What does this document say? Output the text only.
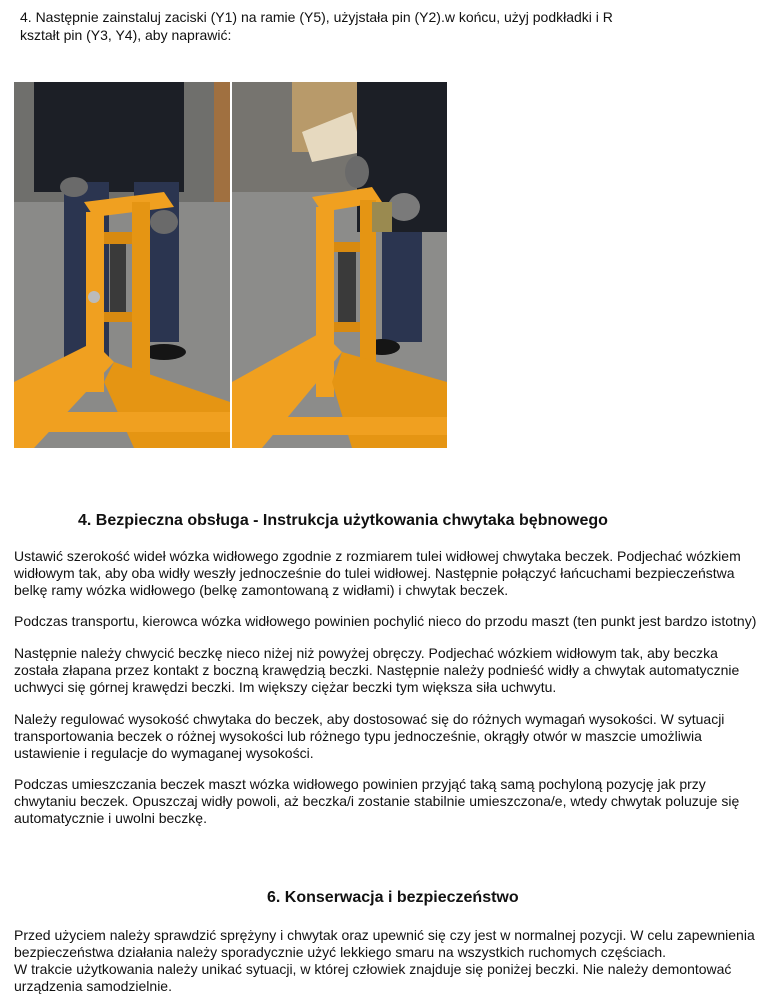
4. Następnie zainstaluj zaciski (Y1) na ramie (Y5), użyjstała pin (Y2).w końcu, użyj podkładki i R

kształt pin (Y3, Y4), aby naprawić:

4. Bezpieczna obsługa - Instrukcja użytkowania chwytaka bębnowego

Ustawić szerokość wideł wózka widłowego zgodnie z rozmiarem tulei widłowej chwytaka beczek. Podjechać wózkiem widłowym tak, aby oba widły weszły jednocześnie do tulei widłowej. Następnie połączyć łańcuchami bezpieczeństwa belkę ramy wózka widłowego (belkę zamontowaną z widłami) i chwytak beczek.

Podczas transportu, kierowca wózka widłowego powinien pochylić nieco do przodu maszt (ten punkt jest bardzo istotny)

Następnie należy chwycić beczkę nieco niżej niż powyżej obręczy. Podjechać wózkiem widłowym tak, aby beczka została złapana przez kontakt z boczną krawędzią beczki. Następnie należy podnieść widły a chwytak automatycznie uchwyci się górnej krawędzi beczki. Im większy ciężar beczki tym większa siła uchwytu.

Należy regulować wysokość chwytaka do beczek, aby dostosować się do różnych wymagań wysokości. W sytuacji transportowania beczek o różnej wysokości lub różnego typu jednocześnie, okrągły otwór w maszcie umożliwia ustawienie i regulacje do wymaganej wysokości.

Podczas umieszczania beczek maszt wózka widłowego powinien przyjąć taką samą pochyloną pozycję jak przy chwytaniu beczek. Opuszczaj widły powoli, aż beczka/i zostanie stabilnie umieszczona/e, wtedy chwytak poluzuje się automatycznie i uwolni beczkę.

6. Konserwacja i bezpieczeństwo

Przed użyciem należy sprawdzić sprężyny i chwytak oraz upewnić się czy jest w normalnej pozycji. W celu zapewnienia bezpieczeństwa działania należy sporadycznie użyć lekkiego smaru na wszystkich ruchomych częściach.

W trakcie użytkowania należy unikać sytuacji, w której człowiek znajduje się poniżej beczki. Nie należy demontować urządzenia samodzielnie.
